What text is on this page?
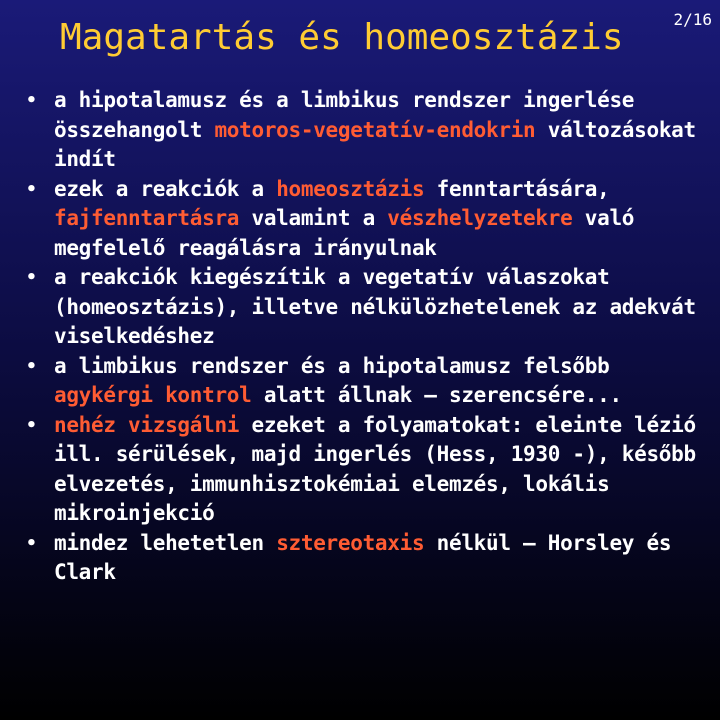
Magatartás és homeosztázis	2/16
• a hipotalamusz és a limbikus rendszer ingerlése összehangolt motoros-vegetatív-endokrin változásokat indít
• ezek a reakciók a homeosztázis fenntartására, fajfenntartásra valamint a vészhelyzetekre való megfelelő reagálásra irányulnak
• a reakciók kiegészítik a vegetatív válaszokat (homeosztázis), illetve nélkülözhetelenek az adekvát viselkedéshez
• a limbikus rendszer és a hipotalamusz felsőbb agykérgi kontrol alatt állnak – szerencsére...
• nehéz vizsgálni ezeket a folyamatokat: eleinte lézió ill. sérülések, majd ingerlés (Hess, 1930 -), később elvezetés, immunhisztokémiai elemzés, lokális mikroinjekció
• mindez lehetetlen sztereotaxis nélkül – Horsley és Clark
